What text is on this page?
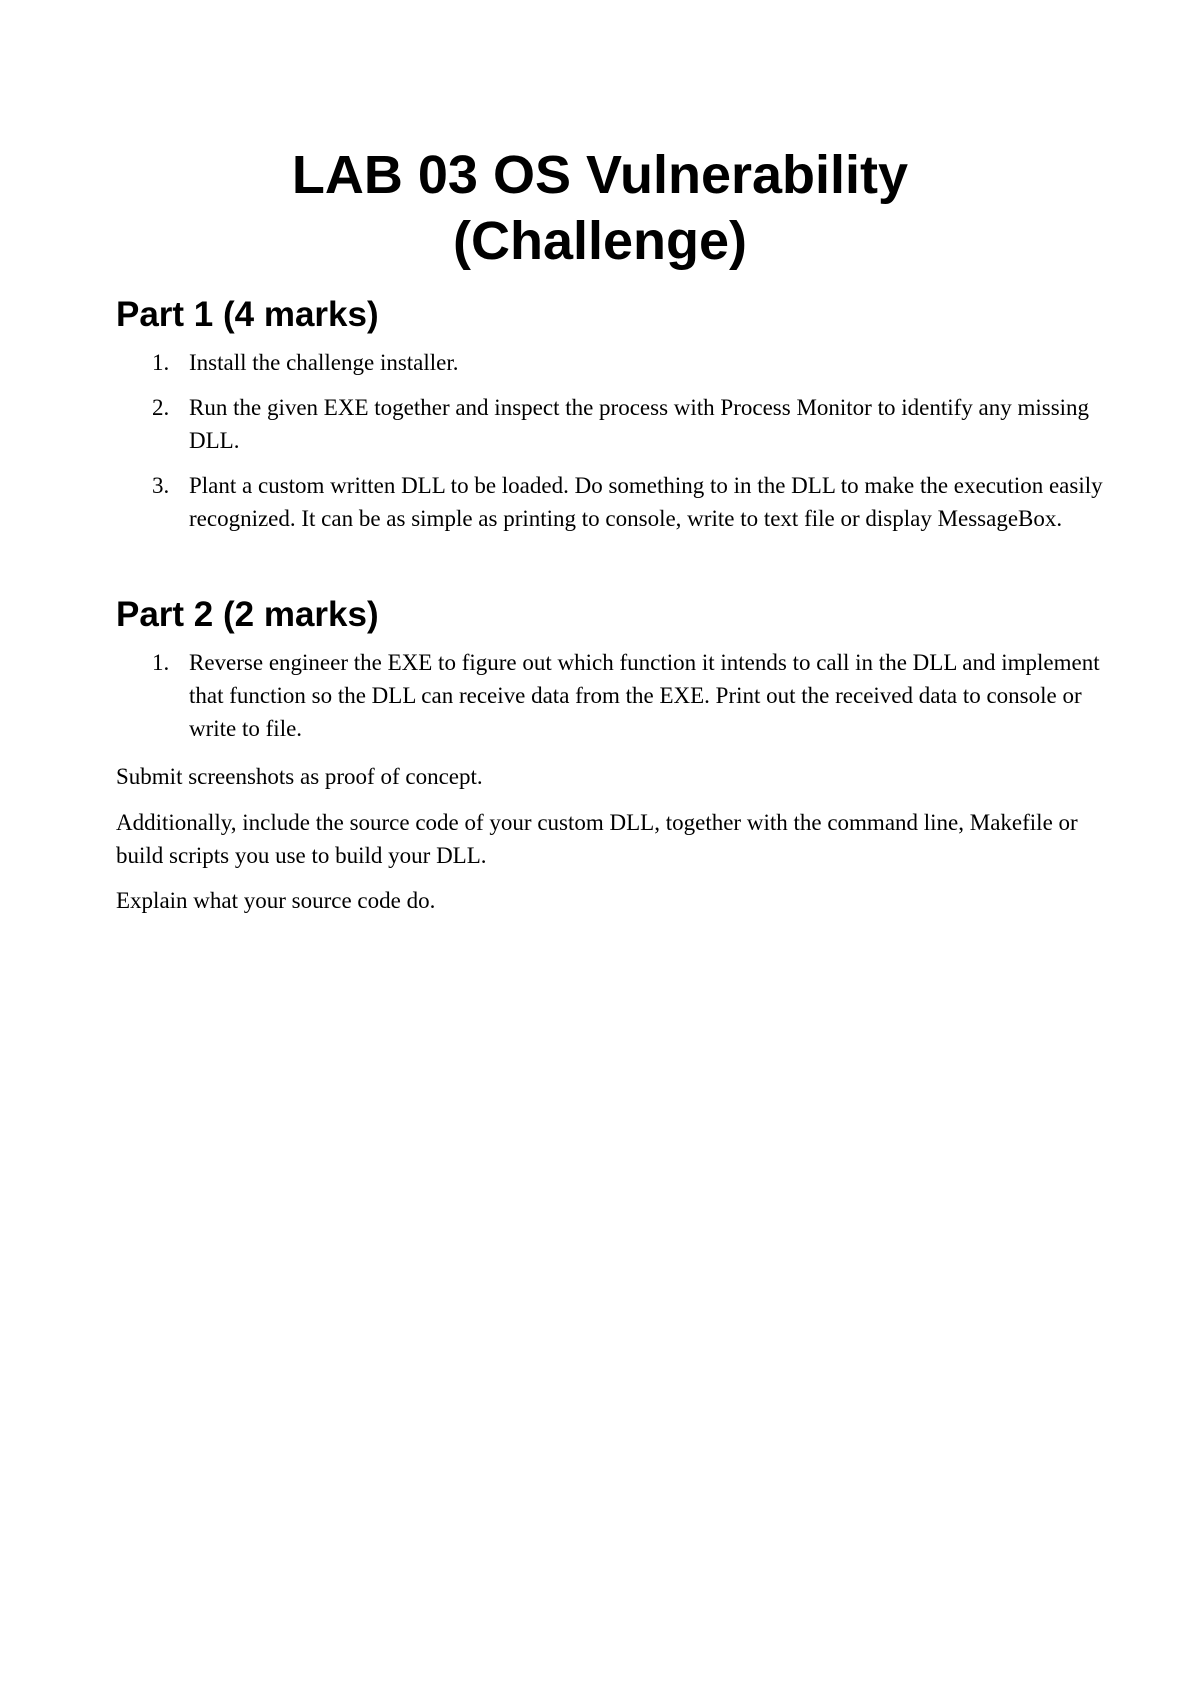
LAB 03 OS Vulnerability
(Challenge)
Part 1 (4 marks)
1. Install the challenge installer.
2. Run the given EXE together and inspect the process with Process Monitor to identify any missing DLL.
3. Plant a custom written DLL to be loaded. Do something to in the DLL to make the execution easily recognized. It can be as simple as printing to console, write to text file or display MessageBox.
Part 2 (2 marks)
1. Reverse engineer the EXE to figure out which function it intends to call in the DLL and implement that function so the DLL can receive data from the EXE. Print out the received data to console or write to file.

Submit screenshots as proof of concept.

Additionally, include the source code of your custom DLL, together with the command line, Makefile or build scripts you use to build your DLL.

Explain what your source code do.
